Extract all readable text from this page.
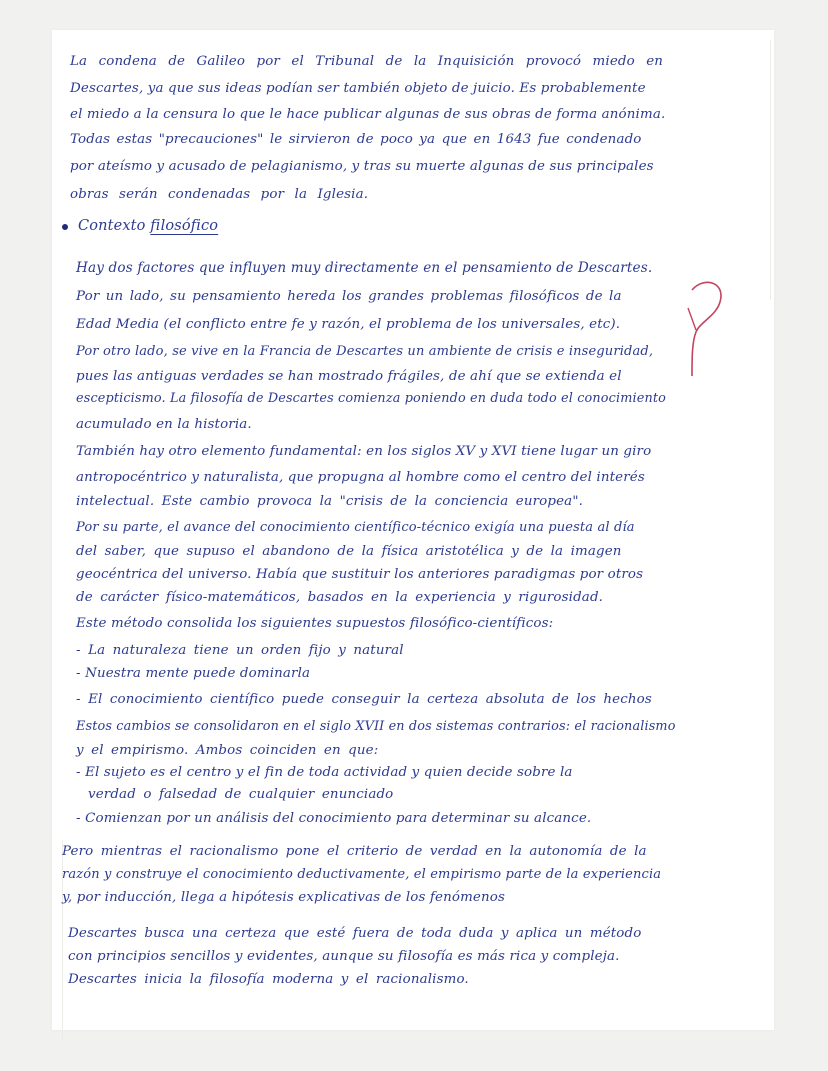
La condena de Galileo por el Tribunal de la Inquisición provocó miedo en
Descartes, ya que sus ideas podían ser también objeto de juicio. Es probablemente
el miedo a la censura lo que le hace publicar algunas de sus obras de forma anónima.
Todas estas "precauciones" le sirvieron de poco ya que en 1643 fue condenado
por ateísmo y acusado de pelagianismo, y tras su muerte algunas de sus principales
obras serán condenadas por la Iglesia.
Contexto filosófico
Hay dos factores que influyen muy directamente en el pensamiento de Descartes.
Por un lado, su pensamiento hereda los grandes problemas filosóficos de la
Edad Media (el conflicto entre fe y razón, el problema de los universales, etc).
Por otro lado, se vive en la Francia de Descartes un ambiente de crisis e inseguridad,
pues las antiguas verdades se han mostrado frágiles, de ahí que se extienda el
escepticismo. La filosofía de Descartes comienza poniendo en duda todo el conocimiento
acumulado en la historia.
También hay otro elemento fundamental: en los siglos XV y XVI tiene lugar un giro
antropocéntrico y naturalista, que propugna al hombre como el centro del interés
intelectual. Este cambio provoca la "crisis de la conciencia europea".
Por su parte, el avance del conocimiento científico-técnico exigía una puesta al día
del saber, que supuso el abandono de la física aristotélica y de la imagen
geocéntrica del universo. Había que sustituir los anteriores paradigmas por otros
de carácter físico-matemáticos, basados en la experiencia y rigurosidad.
Este método consolida los siguientes supuestos filosófico-científicos:
- La naturaleza tiene un orden fijo y natural
- Nuestra mente puede dominarla
- El conocimiento científico puede conseguir la certeza absoluta de los hechos
Estos cambios se consolidaron en el siglo XVII en dos sistemas contrarios: el racionalismo
y el empirismo. Ambos coinciden en que:
- El sujeto es el centro y el fin de toda actividad y quien decide sobre la
verdad o falsedad de cualquier enunciado
- Comienzan por un análisis del conocimiento para determinar su alcance.
Pero mientras el racionalismo pone el criterio de verdad en la autonomía de la
razón y construye el conocimiento deductivamente, el empirismo parte de la experiencia
y, por inducción, llega a hipótesis explicativas de los fenómenos
Descartes busca una certeza que esté fuera de toda duda y aplica un método
con principios sencillos y evidentes, aunque su filosofía es más rica y compleja.
Descartes inicia la filosofía moderna y el racionalismo.
